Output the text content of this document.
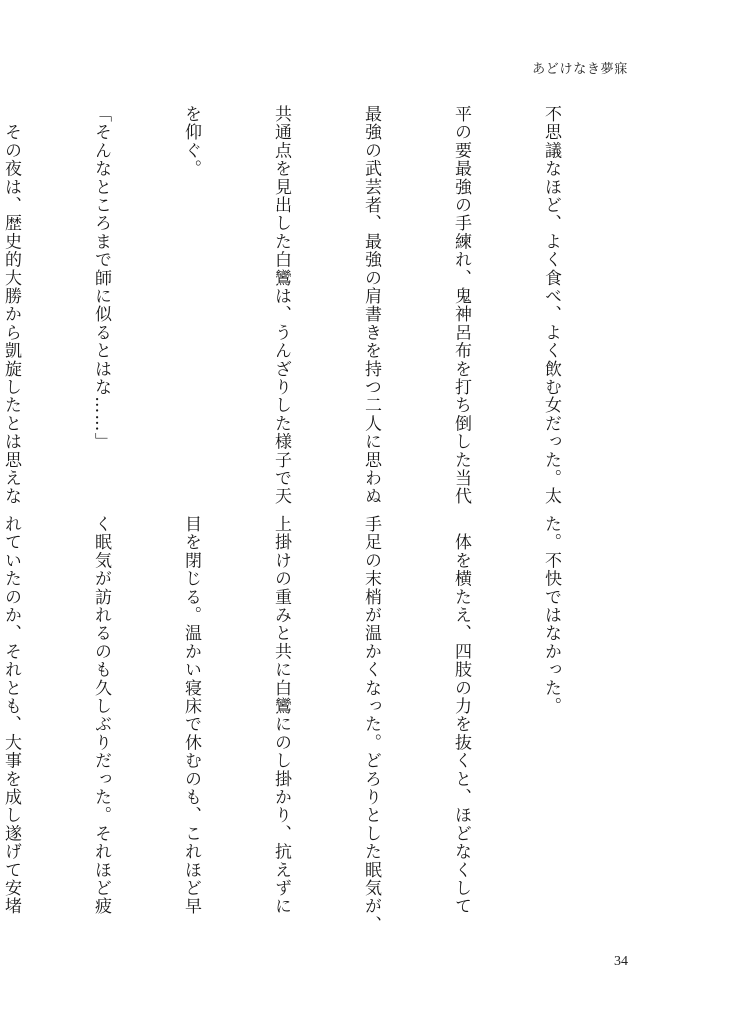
あどけなき夢寐

不思議なほど、よく食べ、よく飲む女だった。太

平の要最強の手練れ、鬼神呂布を打ち倒した当代

最強の武芸者、最強の肩書きを持つ二人に思わぬ

共通点を見出した白鸞は、うんざりした様子で天

を仰ぐ。

「そんなところまで師に似るとはな……」

　その夜は、歴史的大勝から凱旋したとは思えな

た。不快ではなかった。

　体を横たえ、四肢の力を抜くと、ほどなくして

手足の末梢が温かくなった。どろりとした眠気が、

上掛けの重みと共に白鸞にのし掛かり、抗えずに

目を閉じる。温かい寝床で休むのも、これほど早

く眠気が訪れるのも久しぶりだった。それほど疲

れていたのか、それとも、大事を成し遂げて安堵

34
